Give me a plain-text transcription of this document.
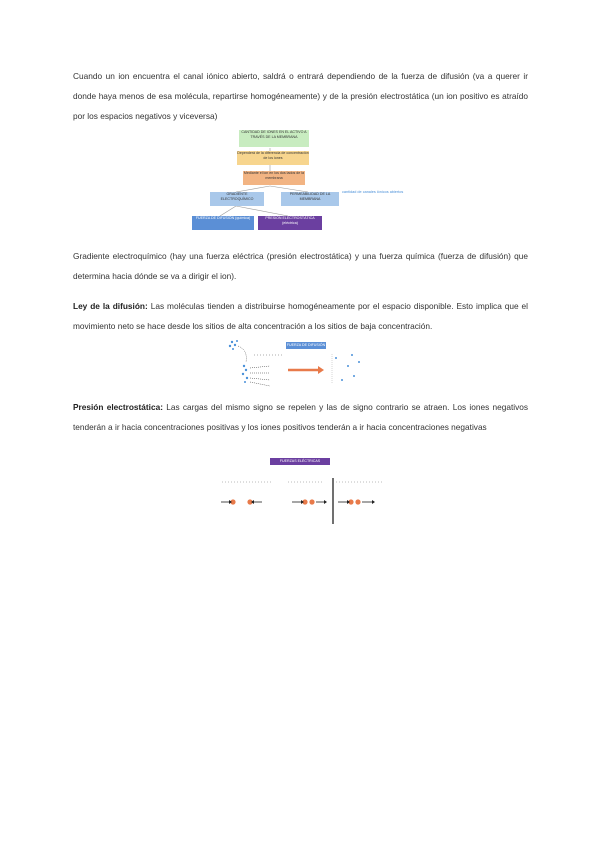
Cuando un ion encuentra el canal iónico abierto, saldrá o entrará dependiendo de la fuerza de difusión (va a querer ir donde haya menos de esa molécula, repartirse homogéneamente) y de la presión electrostática (un ion positivo es atraído por los espacios negativos y viceversa)
CANTIDAD DE IONES EN EL ACTIVO A TRAVÉS DE LA MEMBRANA
Dependerá de la diferencia de concentración de los iones
Mediante el ion en los dos lados de la membrana
GRADIENTE ELECTROQUÍMICO
PERMEABILIDAD DE LA MEMBRANA
FUERZA DE DIFUSIÓN (química)	PRESIÓN ELECTROSTÁTICA (eléctrica)
cantidad de canales iónicos abiertos
Gradiente electroquímico (hay una fuerza eléctrica (presión electrostática) y una fuerza química (fuerza de difusión) que determina hacia dónde se va a dirigir el ion).
Ley de la difusión: Las moléculas tienden a distribuirse homogéneamente por el espacio disponible. Esto implica que el movimiento neto se hace desde los sitios de alta concentración a los sitios de baja concentración.
FUERZA DE DIFUSIÓN
Presión electrostática: Las cargas del mismo signo se repelen y las de signo contrario se atraen. Los iones negativos tenderán a ir hacia concentraciones positivas y los iones positivos tenderán a ir hacia concentraciones negativas
FUERZAS ELÉCTRICAS
